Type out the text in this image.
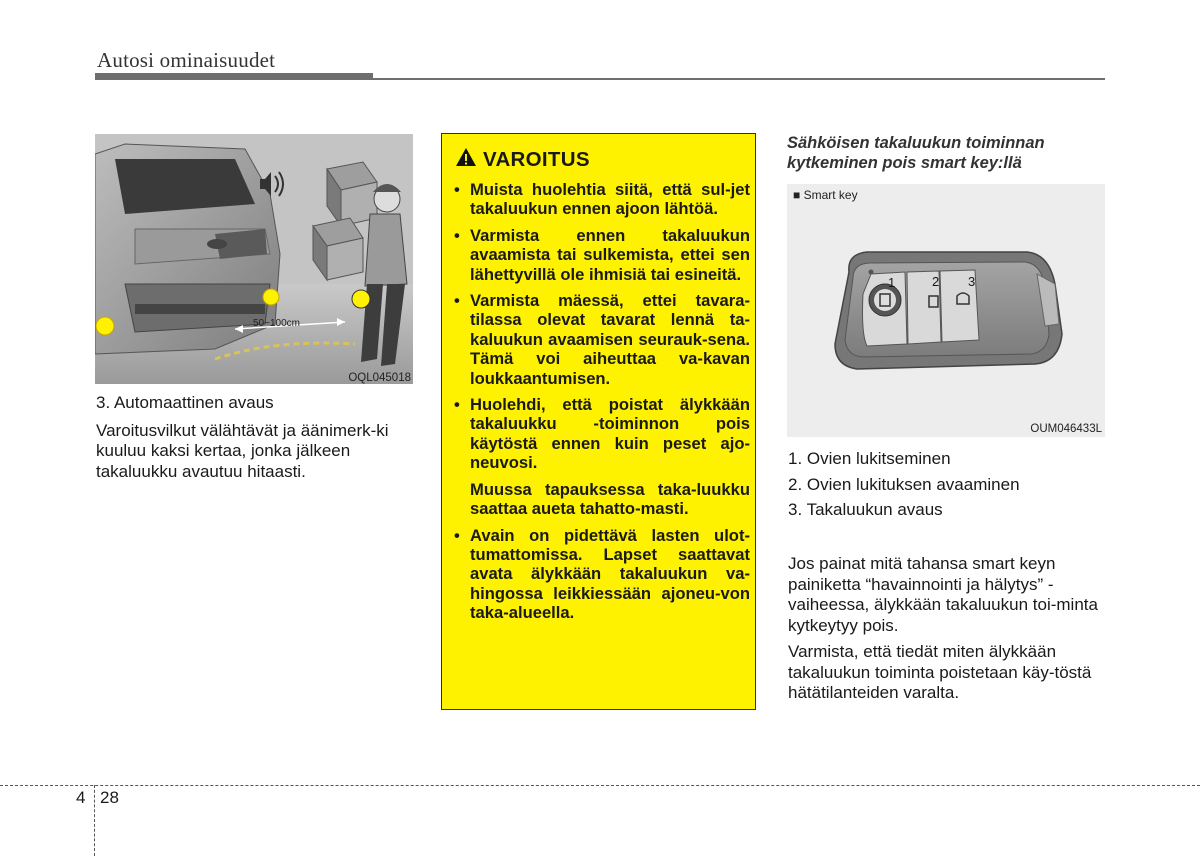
Autosi ominaisuudet
50~100cm
OQL045018

3. Automaattinen avaus

Varoitusvilkut välähtävät ja äänimerk-ki kuuluu kaksi kertaa, jonka jälkeen takaluukku avautuu hitaasti.

VAROITUS
• Muista huolehtia siitä, että sul-jet takaluukun ennen ajoon lähtöä.
• Varmista ennen takaluukun avaamista tai sulkemista, ettei sen lähettyvillä ole ihmisiä tai esineitä.
• Varmista mäessä, ettei tavara-tilassa olevat tavarat lennä ta-kaluukun avaamisen seurauk-sena. Tämä voi aiheuttaa va-kavan loukkaantumisen.
• Huolehdi, että poistat älykkään takaluukku -toiminnon pois käytöstä ennen kuin peset ajo-neuvosi.
Muussa tapauksessa taka-luukku saattaa aueta tahatto-masti.
• Avain on pidettävä lasten ulot-tumattomissa. Lapset saattavat avata älykkään takaluukun va-hingossa leikkiessään ajoneu-von taka-alueella.
Sähköisen takaluukun toiminnan kytkeminen pois smart key:llä
■ Smart key
1	2 3
OUM046433L
1. Ovien lukitseminen
2. Ovien lukituksen avaaminen
3. Takaluukun avaus

Jos painat mitä tahansa smart keyn painiketta “havainnointi ja hälytys” -vaiheessa, älykkään takaluukun toi-minta kytkeytyy pois.

Varmista, että tiedät miten älykkään takaluukun toiminta poistetaan käy-töstä hätätilanteiden varalta.

4 28
